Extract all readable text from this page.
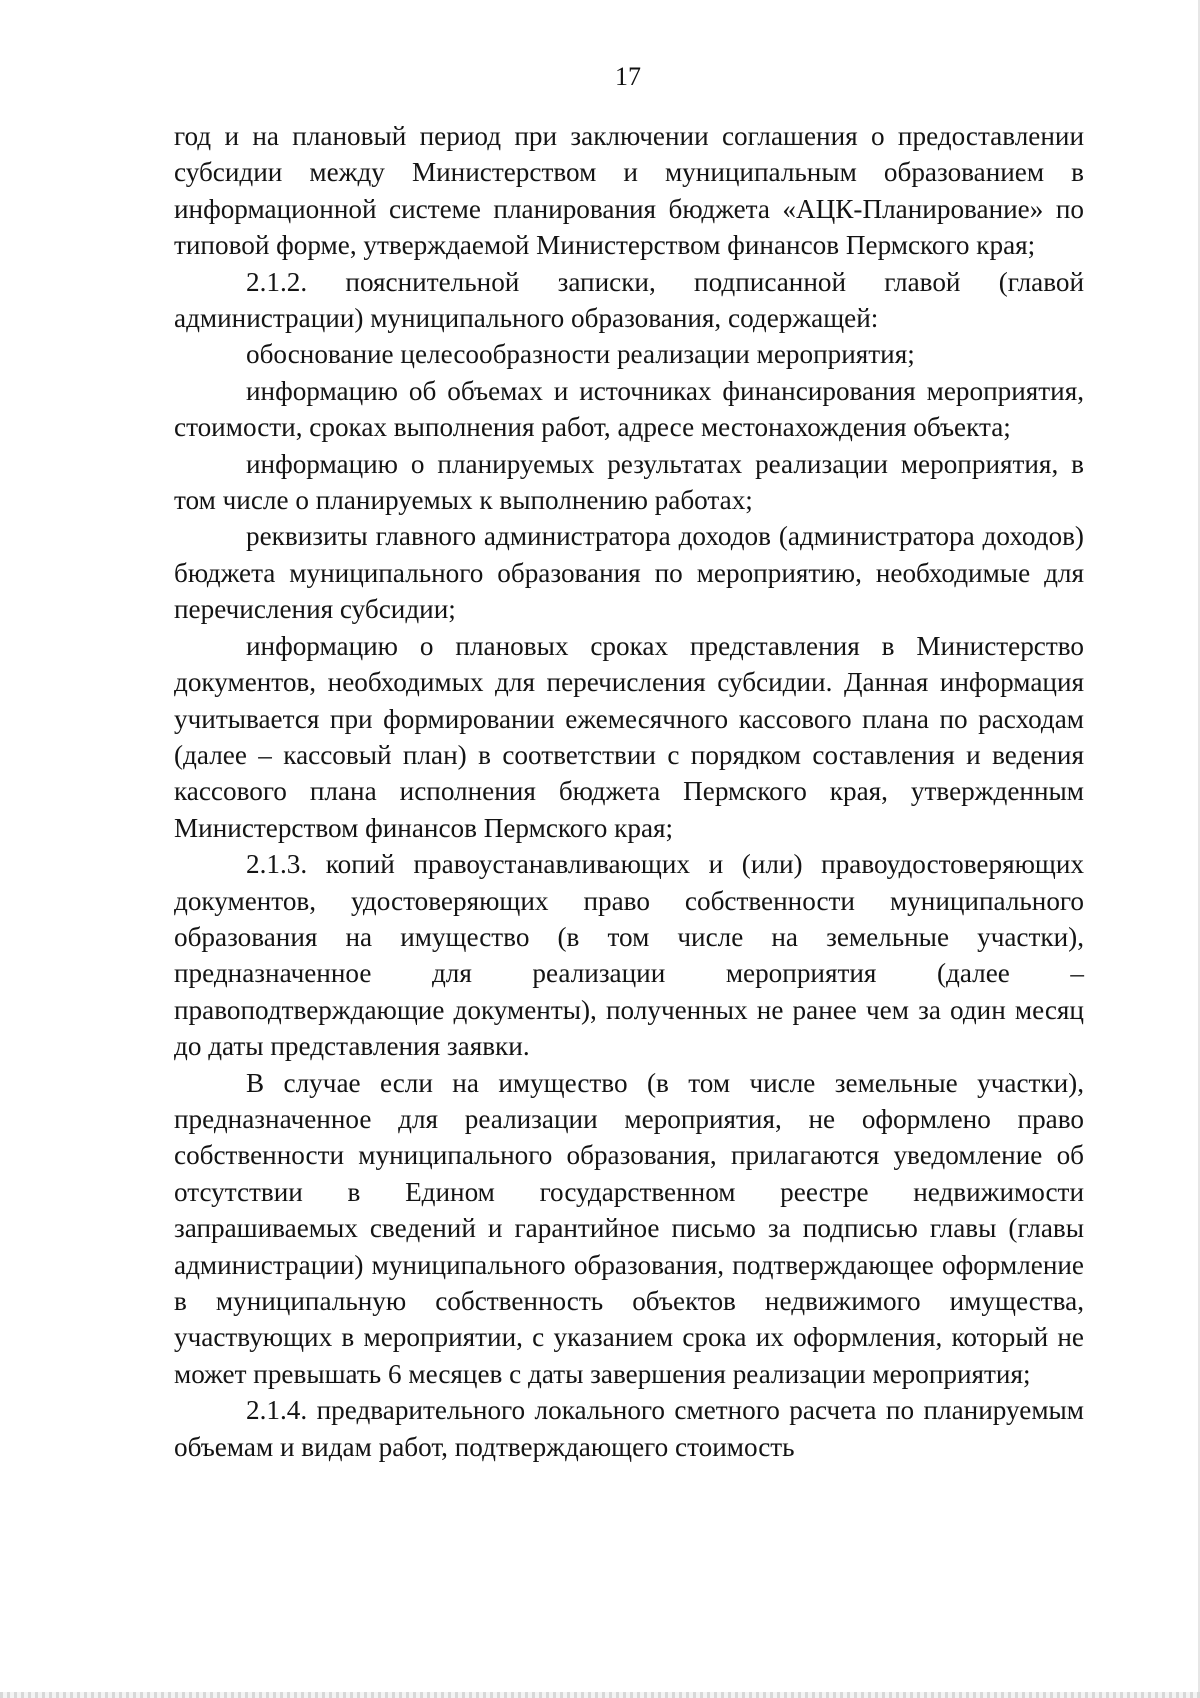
17

год и на плановый период при заключении соглашения о предоставлении субсидии между Министерством и муниципальным образованием в информационной системе планирования бюджета «АЦК-Планирование» по типовой форме, утверждаемой Министерством финансов Пермского края;

2.1.2. пояснительной записки, подписанной главой (главой администрации) муниципального образования, содержащей:

обоснование целесообразности реализации мероприятия;

информацию об объемах и источниках финансирования мероприятия, стоимости, сроках выполнения работ, адресе местонахождения объекта;

информацию о планируемых результатах реализации мероприятия, в том числе о планируемых к выполнению работах;

реквизиты главного администратора доходов (администратора доходов) бюджета муниципального образования по мероприятию, необходимые для перечисления субсидии;

информацию о плановых сроках представления в Министерство документов, необходимых для перечисления субсидии. Данная информация учитывается при формировании ежемесячного кассового плана по расходам (далее – кассовый план) в соответствии с порядком составления и ведения кассового плана исполнения бюджета Пермского края, утвержденным Министерством финансов Пермского края;

2.1.3. копий правоустанавливающих и (или) правоудостоверяющих документов, удостоверяющих право собственности муниципального образования на имущество (в том числе на земельные участки), предназначенное для реализации мероприятия (далее – правоподтверждающие документы), полученных не ранее чем за один месяц до даты представления заявки.

В случае если на имущество (в том числе земельные участки), предназначенное для реализации мероприятия, не оформлено право собственности муниципального образования, прилагаются уведомление об отсутствии в Едином государственном реестре недвижимости запрашиваемых сведений и гарантийное письмо за подписью главы (главы администрации) муниципального образования, подтверждающее оформление в муниципальную собственность объектов недвижимого имущества, участвующих в мероприятии, с указанием срока их оформления, который не может превышать 6 месяцев с даты завершения реализации мероприятия;

2.1.4. предварительного локального сметного расчета по планируемым объемам и видам работ, подтверждающего стоимость
